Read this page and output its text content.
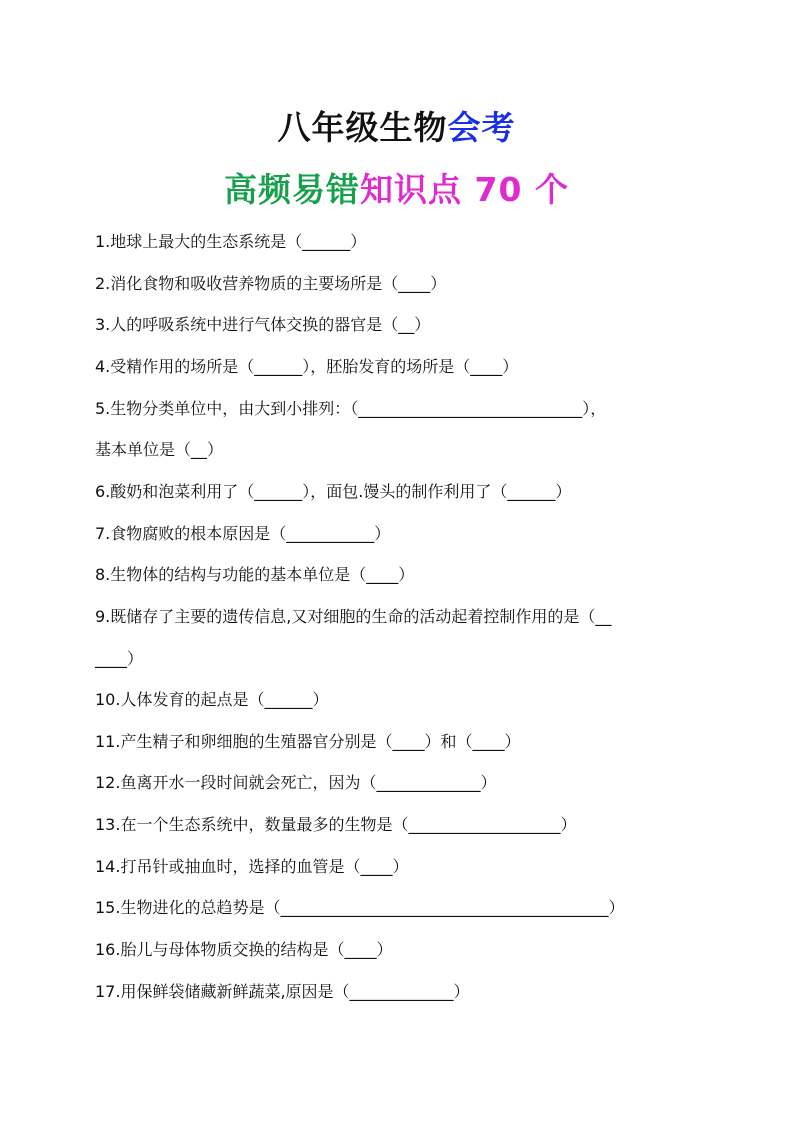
八年级生物会考
高频易错知识点 70 个
1.地球上最大的生态系统是（______）
2.消化食物和吸收营养物质的主要场所是（____）
3.人的呼吸系统中进行气体交换的器官是（__）
4.受精作用的场所是（______），胚胎发育的场所是（____）
5.生物分类单位中，由大到小排列：（____________________________），
基本单位是（__）
6.酸奶和泡菜利用了（______），面包.馒头的制作利用了（______）
7.食物腐败的根本原因是（___________）
8.生物体的结构与功能的基本单位是（____）
9.既储存了主要的遗传信息,又对细胞的生命的活动起着控制作用的是（__
____）
10.人体发育的起点是（______）
11.产生精子和卵细胞的生殖器官分别是（____）和（____）
12.鱼离开水一段时间就会死亡，因为（_____________）
13.在一个生态系统中，数量最多的生物是（___________________）
14.打吊针或抽血时，选择的血管是（____）
15.生物进化的总趋势是（_________________________________________）
16.胎儿与母体物质交换的结构是（____）
17.用保鲜袋储藏新鲜蔬菜,原因是（_____________）
